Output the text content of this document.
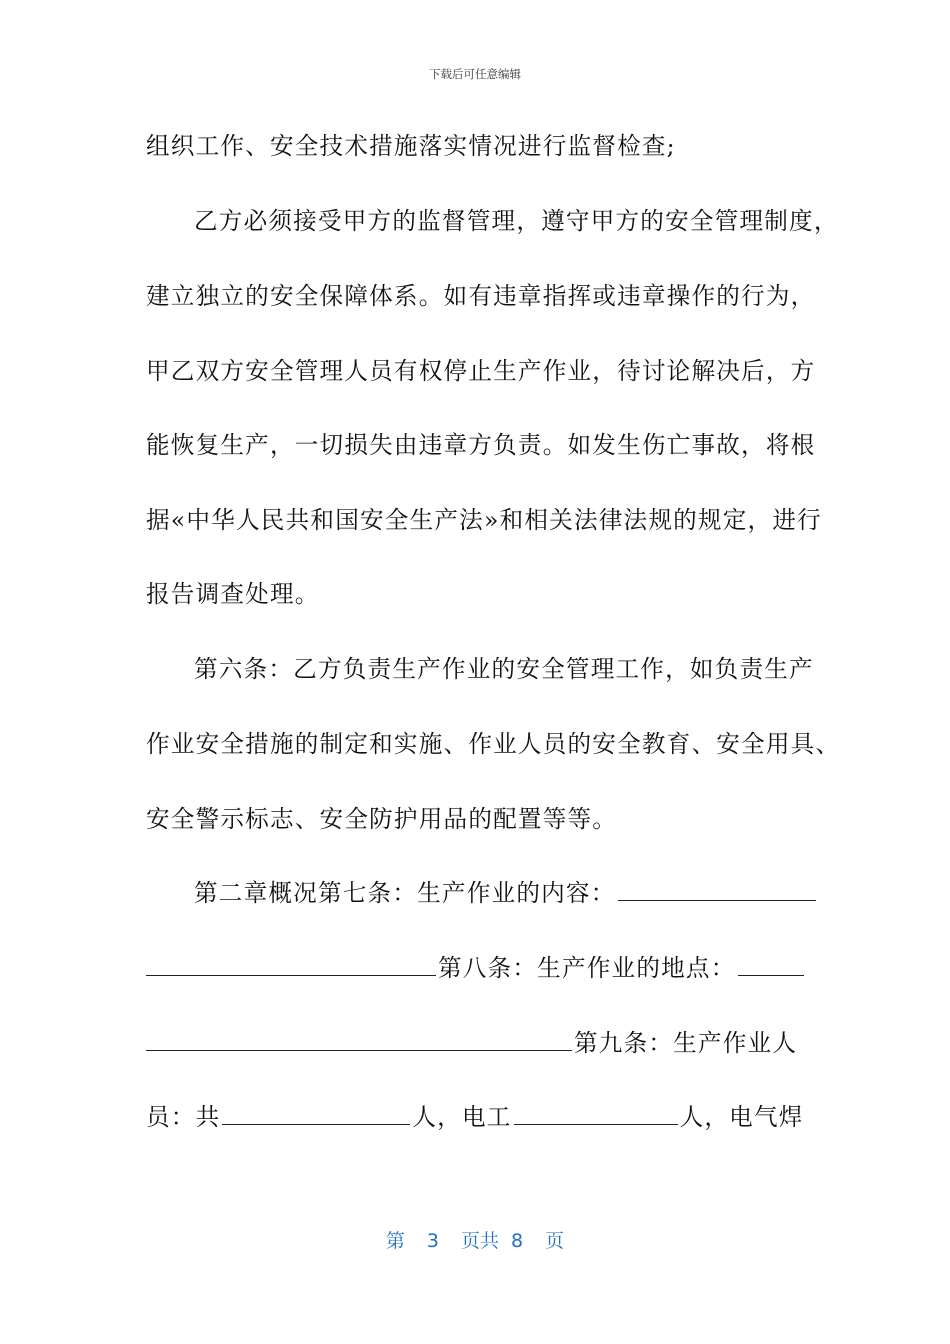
下载后可任意编辑
组织工作、安全技术措施落实情况进行监督检查;
乙方必须接受甲方的监督管理，遵守甲方的安全管理制度，
建立独立的安全保障体系。如有违章指挥或违章操作的行为，
甲乙双方安全管理人员有权停止生产作业，待讨论解决后，方
能恢复生产，一切损失由违章方负责。如发生伤亡事故，将根
据«中华人民共和国安全生产法»和相关法律法规的规定，进行
报告调查处理。
第六条：乙方负责生产作业的安全管理工作，如负责生产
作业安全措施的制定和实施、作业人员的安全教育、安全用具、
安全警示标志、安全防护用品的配置等等。
第二章概况第七条：生产作业的内容：
第八条：生产作业的地点：
第九条：生产作业人
员：共	人，电工	人，电气焊
第 3 页共 8 页
